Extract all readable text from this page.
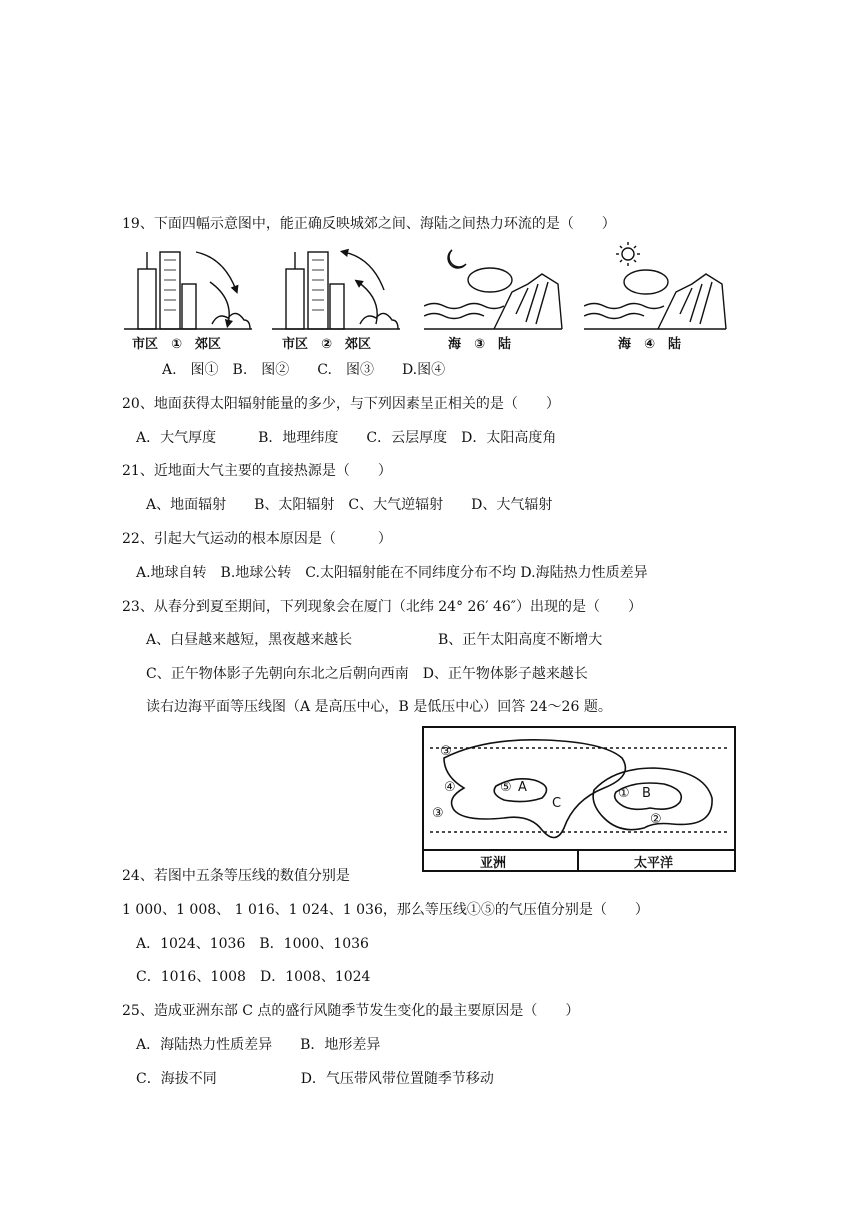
19、下面四幅示意图中，能正确反映城郊之间、海陆之间热力环流的是（　　）
市区　①　郊区	市区　②　郊区	海　③　陆	海　④　陆
A.　图①　B.　图②　　C.　图③　　D.图④
20、地面获得太阳辐射能量的多少，与下列因素呈正相关的是（　　）
A．大气厚度　　　B．地理纬度　　C．云层厚度　D．太阳高度角
21、近地面大气主要的直接热源是（　　）
A、地面辐射　　B、太阳辐射　C、大气逆辐射　　D、大气辐射
22、引起大气运动的根本原因是（　　　）
A.地球自转　B.地球公转　C.太阳辐射能在不同纬度分布不均 D.海陆热力性质差异
23、从春分到夏至期间，下列现象会在厦门（北纬 24° 26′ 46″）出现的是（　　）
A、白昼越来越短，黑夜越来越长	B、正午太阳高度不断增大
C、正午物体影子先朝向东北之后朝向西南　D、正午物体影子越来越长
读右边海平面等压线图（A 是高压中心，B 是低压中心）回答 24～26 题。
③
④	⑤ A
C
③
① B
②
亚洲	太平洋
24、若图中五条等压线的数值分别是
1 000、1 008、 1 016、1 024、1 036，那么等压线①⑤的气压值分别是（　　）
A．1024、1036　B．1000、1036
C．1016、1008　D．1008、1024
25、造成亚洲东部 C 点的盛行风随季节发生变化的最主要原因是（　　）
A．海陆热力性质差异　　B．地形差异
C．海拔不同　　　　　　D．气压带风带位置随季节移动
